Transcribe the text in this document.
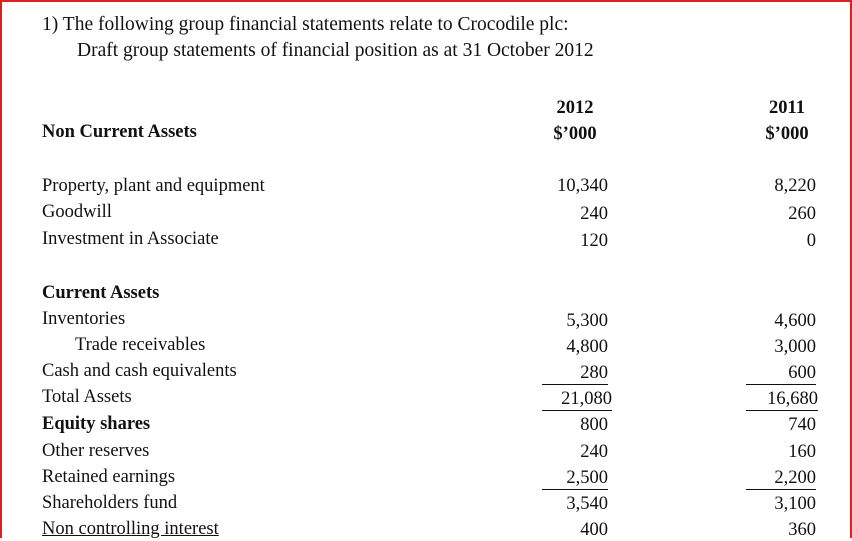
1) The following group financial statements relate to Crocodile plc:
Draft group statements of financial position as at 31 October 2012
2012
$’000
2011
$’000
Non Current Assets
Property, plant and equipment	10,340	8,220
Goodwill	240	260
Investment in Associate	120	0
Current Assets
Inventories	5,300	4,600
Trade receivables	4,800	3,000
Cash and cash equivalents	280	600
Total Assets	21,080	16,680
Equity shares	800	740
Other reserves	240	160
Retained earnings	2,500	2,200
Shareholders fund	3,540	3,100
Non controlling interest	400	360
